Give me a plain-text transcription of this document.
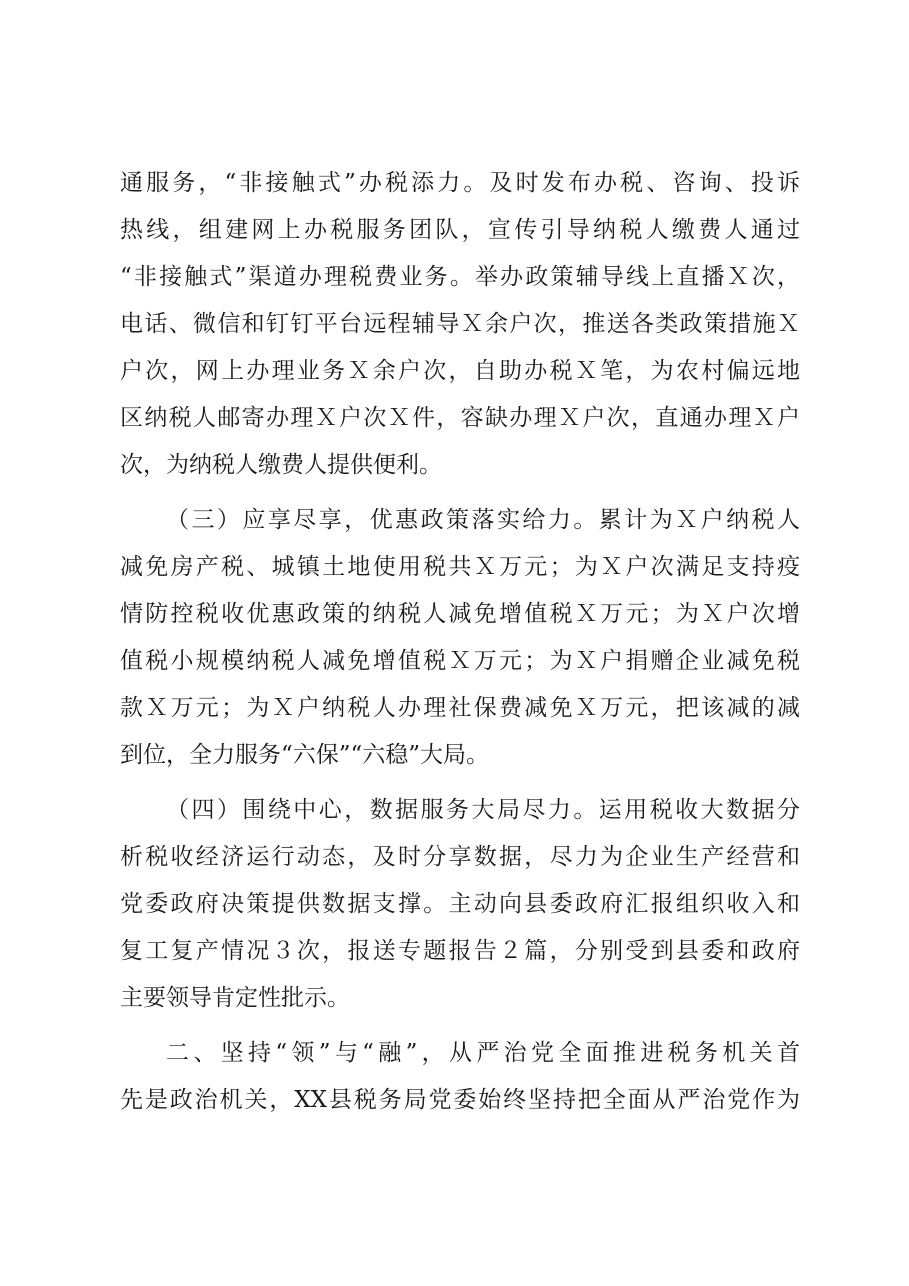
通服务，“非接触式”办税添力。及时发布办税、咨询、投诉
热线，组建网上办税服务团队，宣传引导纳税人缴费人通过
“非接触式”渠道办理税费业务。举办政策辅导线上直播Ｘ次，
电话、微信和钉钉平台远程辅导Ｘ余户次，推送各类政策措施Ｘ
户次，网上办理业务Ｘ余户次，自助办税Ｘ笔，为农村偏远地
区纳税人邮寄办理Ｘ户次Ｘ件，容缺办理Ｘ户次，直通办理Ｘ户
次，为纳税人缴费人提供便利。
（三）应享尽享，优惠政策落实给力。累计为Ｘ户纳税人
减免房产税、城镇土地使用税共Ｘ万元；为Ｘ户次满足支持疫
情防控税收优惠政策的纳税人减免增值税Ｘ万元；为Ｘ户次增
值税小规模纳税人减免增值税Ｘ万元；为Ｘ户捐赠企业减免税
款Ｘ万元；为Ｘ户纳税人办理社保费减免Ｘ万元，把该减的减
到位，全力服务“六保”“六稳”大局。
（四）围绕中心，数据服务大局尽力。运用税收大数据分
析税收经济运行动态，及时分享数据，尽力为企业生产经营和
党委政府决策提供数据支撑。主动向县委政府汇报组织收入和
复工复产情况３次，报送专题报告２篇，分别受到县委和政府
主要领导肯定性批示。
二、坚持“领”与“融”，从严治党全面推进税务机关首
先是政治机关，XX县税务局党委始终坚持把全面从严治党作为
